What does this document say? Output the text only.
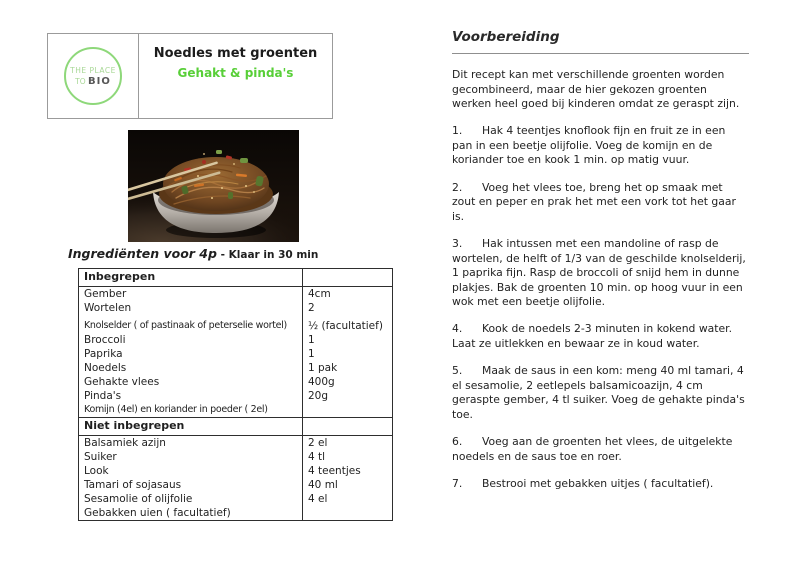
THE PLACE
TO BIO
Noedles met groenten
Gehakt & pinda's
Ingrediënten voor 4p - Klaar in 30 min
Inbegrepen	
Gember	4cm
Wortelen	2
Knolselder ( of pastinaak of peterselie wortel)	½ (facultatief)
Broccoli	1
Paprika	1
Noedels	1 pak
Gehakte vlees	400g
Pinda's	20g
Komijn (4el) en koriander in poeder ( 2el)	
Niet inbegrepen	
Balsamiek azijn	2 el
Suiker	4 tl
Look	4 teentjes
Tamari of sojasaus	40 ml
Sesamolie of olijfolie	4 el
Gebakken uien ( facultatief)	
Voorbereiding

Dit recept kan met verschillende groenten worden gecombineerd, maar de hier gekozen groenten werken heel goed bij kinderen omdat ze geraspt zijn.

1. Hak 4 teentjes knoflook fijn en fruit ze in een pan in een beetje olijfolie. Voeg de komijn en de koriander toe en kook 1 min. op matig vuur.

2. Voeg het vlees toe, breng het op smaak met zout en peper en prak het met een vork tot het gaar is.

3. Hak intussen met een mandoline of rasp de wortelen, de helft of 1/3 van de geschilde knolselderij, 1 paprika fijn. Rasp de broccoli of snijd hem in dunne plakjes. Bak de groenten 10 min. op hoog vuur in een wok met een beetje olijfolie.

4. Kook de noedels 2-3 minuten in kokend water. Laat ze uitlekken en bewaar ze in koud water.

5. Maak de saus in een kom: meng 40 ml tamari, 4 el sesamolie, 2 eetlepels balsamicoazijn, 4 cm geraspte gember, 4 tl suiker. Voeg de gehakte pinda's toe.

6. Voeg aan de groenten het vlees, de uitgelekte noedels en de saus toe en roer.

7. Bestrooi met gebakken uitjes ( facultatief).
